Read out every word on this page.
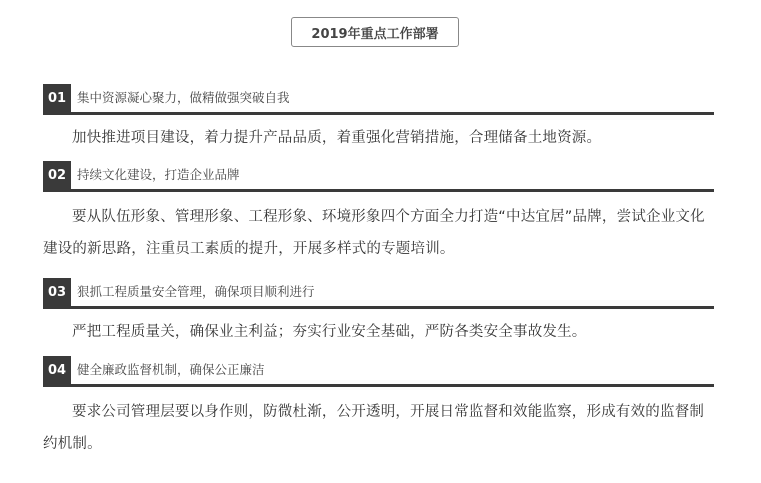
2019年重点工作部署
01 集中资源凝心聚力，做精做强突破自我
加快推进项目建设，着力提升产品品质，着重强化营销措施，合理储备土地资源。
02 持续文化建设，打造企业品牌
要从队伍形象、管理形象、工程形象、环境形象四个方面全力打造“中达宜居”品牌，尝试企业文化建设的新思路，注重员工素质的提升，开展多样式的专题培训。
03 狠抓工程质量安全管理，确保项目顺利进行
严把工程质量关，确保业主利益；夯实行业安全基础，严防各类安全事故发生。
04 健全廉政监督机制，确保公正廉洁
要求公司管理层要以身作则，防微杜渐，公开透明，开展日常监督和效能监察，形成有效的监督制约机制。
